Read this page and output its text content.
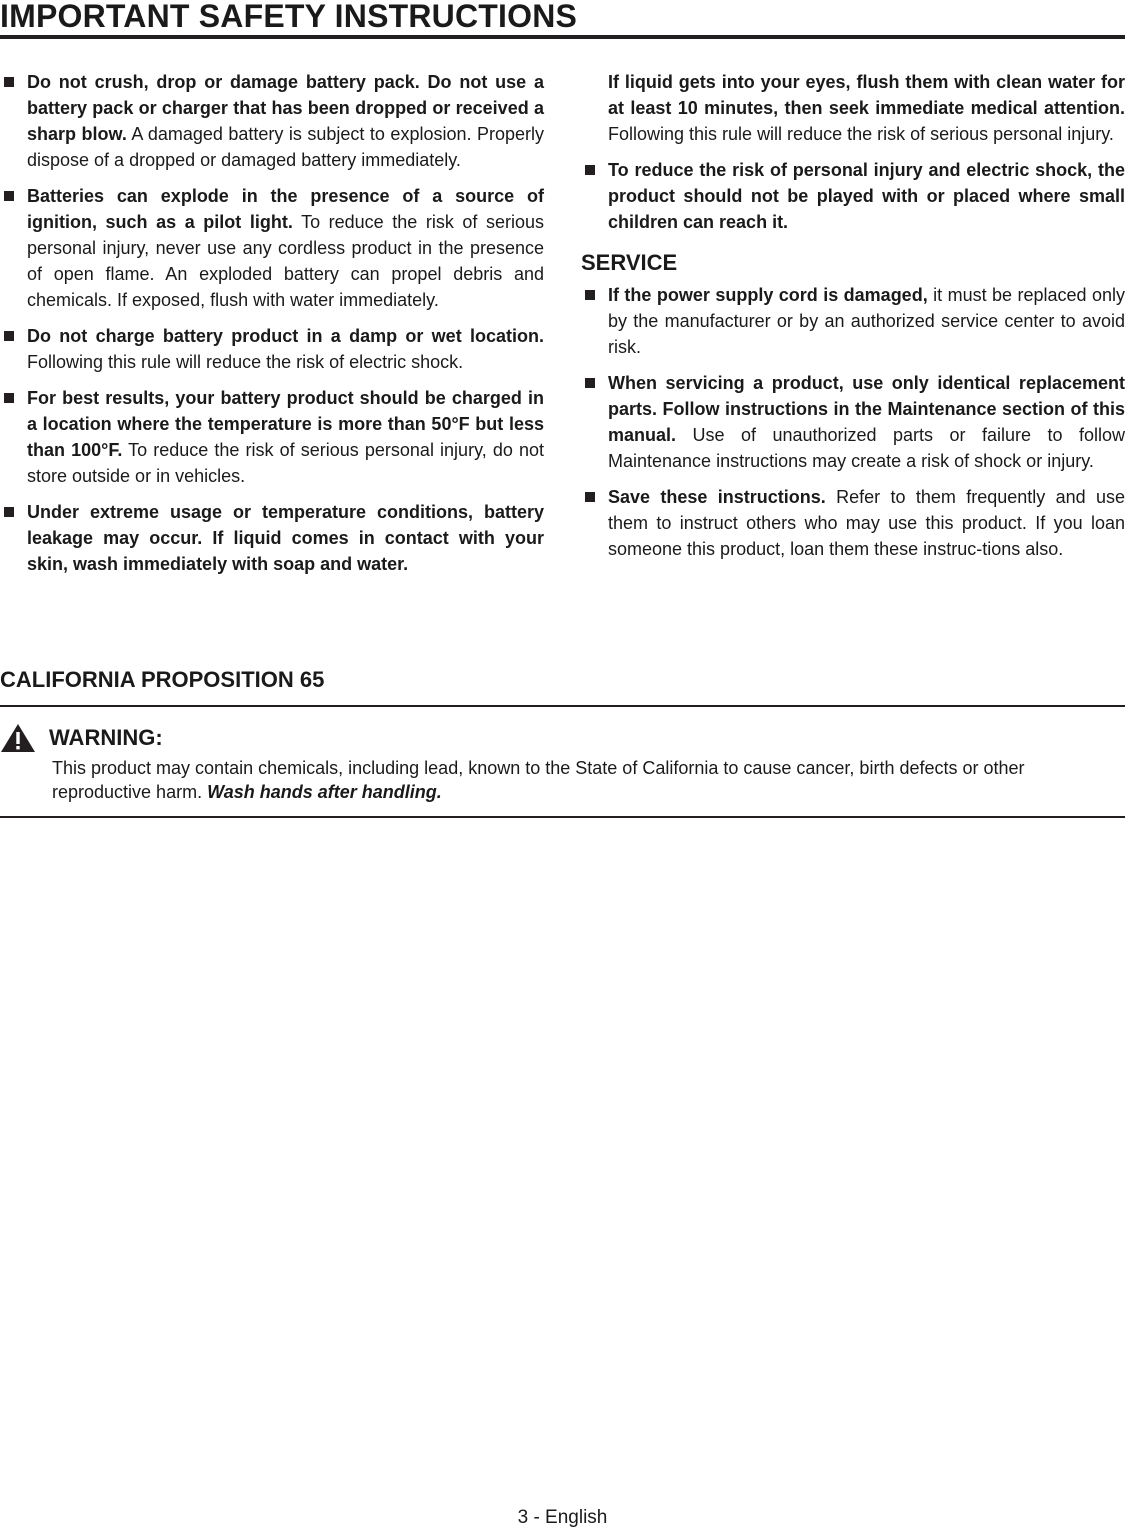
IMPORTANT SAFETY INSTRUCTIONS

Do not crush, drop or damage battery pack. Do not use a battery pack or charger that has been dropped or received a sharp blow. A damaged battery is subject to explosion. Properly dispose of a dropped or damaged battery immediately.

Batteries can explode in the presence of a source of ignition, such as a pilot light. To reduce the risk of serious personal injury, never use any cordless product in the presence of open flame. An exploded battery can propel debris and chemicals. If exposed, flush with water immediately.

Do not charge battery product in a damp or wet location. Following this rule will reduce the risk of electric shock.

For best results, your battery product should be charged in a location where the temperature is more than 50°F but less than 100°F. To reduce the risk of serious personal injury, do not store outside or in vehicles.

Under extreme usage or temperature conditions, battery leakage may occur. If liquid comes in contact with your skin, wash immediately with soap and water.

If liquid gets into your eyes, flush them with clean water for at least 10 minutes, then seek immediate medical attention. Following this rule will reduce the risk of serious personal injury.

To reduce the risk of personal injury and electric shock, the product should not be played with or placed where small children can reach it.

SERVICE

If the power supply cord is damaged, it must be replaced only by the manufacturer or by an authorized service center to avoid risk.

When servicing a product, use only identical replacement parts. Follow instructions in the Maintenance section of this manual. Use of unauthorized parts or failure to follow Maintenance instructions may create a risk of shock or injury.

Save these instructions. Refer to them frequently and use them to instruct others who may use this product. If you loan someone this product, loan them these instruc-tions also.

CALIFORNIA PROPOSITION 65
WARNING:

This product may contain chemicals, including lead, known to the State of California to cause cancer, birth defects or other reproductive harm. Wash hands after handling.

3 - English
